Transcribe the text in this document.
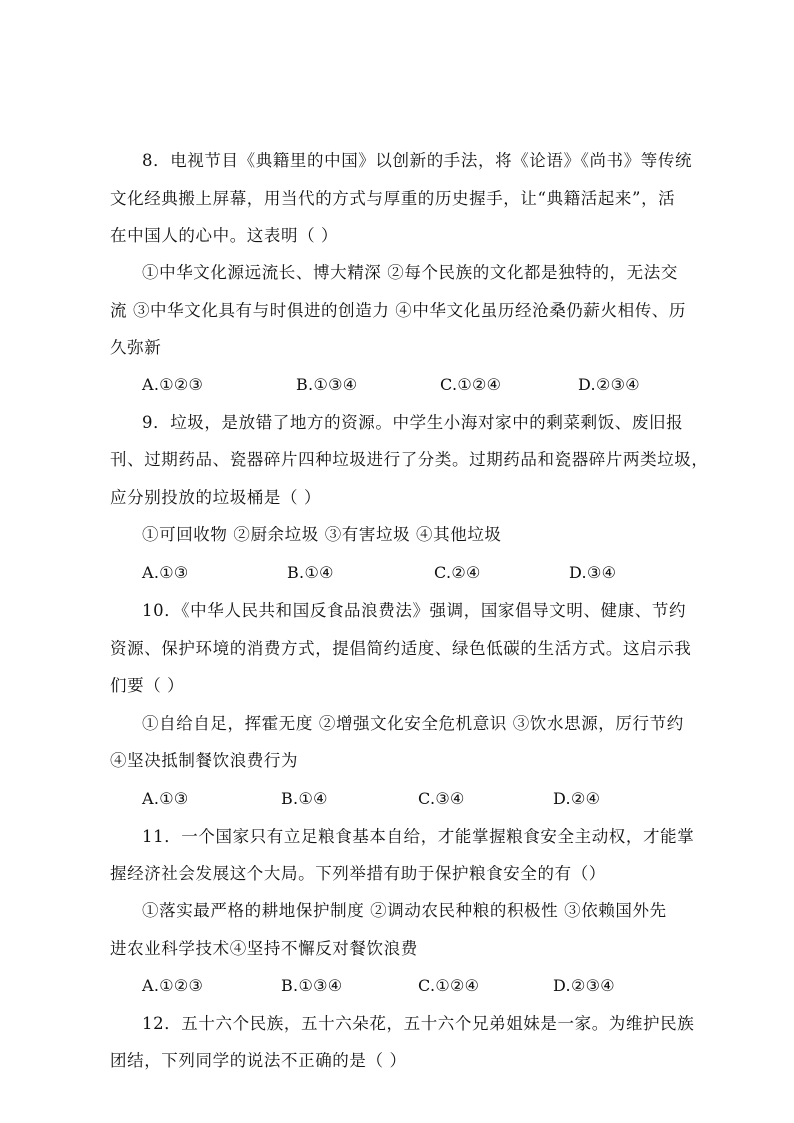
8．电视节目《典籍里的中国》以创新的手法，将《论语》《尚书》等传统
文化经典搬上屏幕，用当代的方式与厚重的历史握手，让“典籍活起来”，活
在中国人的心中。这表明（ ）
①中华文化源远流长、博大精深 ②每个民族的文化都是独特的，无法交
流 ③中华文化具有与时俱进的创造力 ④中华文化虽历经沧桑仍薪火相传、历
久弥新
A.①②③	B.①③④	C.①②④	D.②③④
9．垃圾，是放错了地方的资源。中学生小海对家中的剩菜剩饭、废旧报
刊、过期药品、瓷器碎片四种垃圾进行了分类。过期药品和瓷器碎片两类垃圾，
应分别投放的垃圾桶是（ ）
①可回收物 ②厨余垃圾 ③有害垃圾 ④其他垃圾
A.①③	B.①④	C.②④	D.③④
10．《中华人民共和国反食品浪费法》强调，国家倡导文明、健康、节约
资源、保护环境的消费方式，提倡简约适度、绿色低碳的生活方式。这启示我
们要（ ）
①自给自足，挥霍无度 ②增强文化安全危机意识 ③饮水思源，厉行节约
④坚决抵制餐饮浪费行为
A.①③	B.①④	C.③④	D.②④
11．一个国家只有立足粮食基本自给，才能掌握粮食安全主动权，才能掌
握经济社会发展这个大局。下列举措有助于保护粮食安全的有（）
①落实最严格的耕地保护制度 ②调动农民种粮的积极性 ③依赖国外先
进农业科学技术④坚持不懈反对餐饮浪费
A.①②③	B.①③④	C.①②④	D.②③④
12．五十六个民族，五十六朵花，五十六个兄弟姐妹是一家。为维护民族
团结，下列同学的说法不正确的是（ ）
